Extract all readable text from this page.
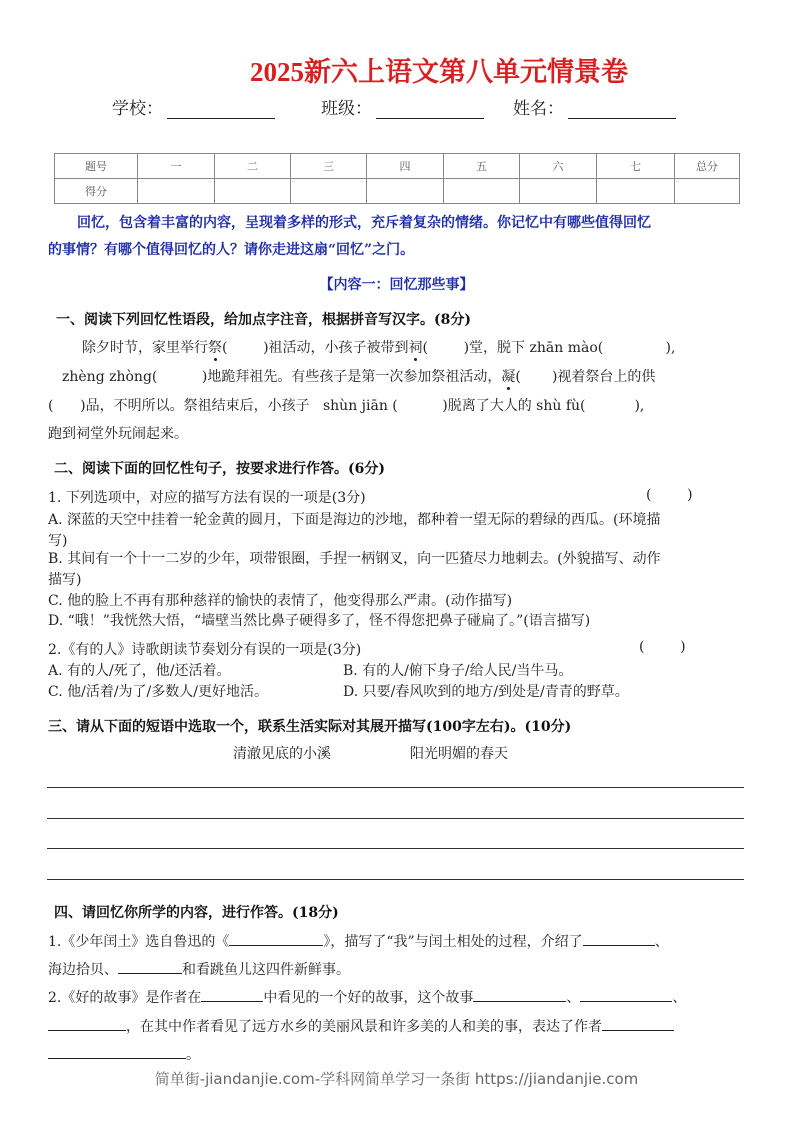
2025新六上语文第八单元情景卷
学校：	班级：	姓名：
题号	一	二	三	四	五	六	七	总分
得分								
回忆，包含着丰富的内容，呈现着多样的形式，充斥着复杂的情绪。你记忆中有哪些值得回忆
的事情？有哪个值得回忆的人？请你走进这扇“回忆”之门。
【内容一：回忆那些事】
一、阅读下列回忆性语段，给加点字注音，根据拼音写汉字。(8分)
除夕时节，家里举行祭(        )祖活动，小孩子被带到祠(        )堂，脱下 zhān mào(              ),
zhèng zhòng(          )地跪拜祖先。有些孩子是第一次参加祭祖活动，凝(       )视着祭台上的供
(      )品，不明所以。祭祖结束后，小孩子   shùn jiān (          )脱离了大人的 shù fù(           ),
跑到祠堂外玩闹起来。
二、阅读下面的回忆性句子，按要求进行作答。(6分)
1. 下列选项中，对应的描写方法有误的一项是(3分)	(        )
A. 深蓝的天空中挂着一轮金黄的圆月，下面是海边的沙地，都种着一望无际的碧绿的西瓜。(环境描
写)
B. 其间有一个十一二岁的少年，项带银圈，手捏一柄钢叉，向一匹猹尽力地刺去。(外貌描写、动作
描写)
C. 他的脸上不再有那种慈祥的愉快的表情了，他变得那么严肃。(动作描写)
D. “哦！”我恍然大悟，“墙壁当然比鼻子硬得多了，怪不得您把鼻子碰扁了。”(语言描写)
2.《有的人》诗歌朗读节奏划分有误的一项是(3分)	(        )
A. 有的人/死了，他/还活着。	B. 有的人/俯下身子/给人民/当牛马。
C. 他/活着/为了/多数人/更好地活。	D. 只要/春风吹到的地方/到处是/青青的野草。
三、请从下面的短语中选取一个，联系生活实际对其展开描写(100字左右)。(10分)
清澈见底的小溪	阳光明媚的春天
四、请回忆你所学的内容，进行作答。(18分)
1.《少年闰土》选自鲁迅的《	》，描写了“我”与闰土相处的过程，介绍了	、
海边拾贝、	和看跳鱼儿这四件新鲜事。
2.《好的故事》是作者在	中看见的一个好的故事，这个故事	、	、
，在其中作者看见了远方水乡的美丽风景和许多美的人和美的事，表达了作者
。
简单街-jiandanjie.com-学科网简单学习一条街 https://jiandanjie.com
